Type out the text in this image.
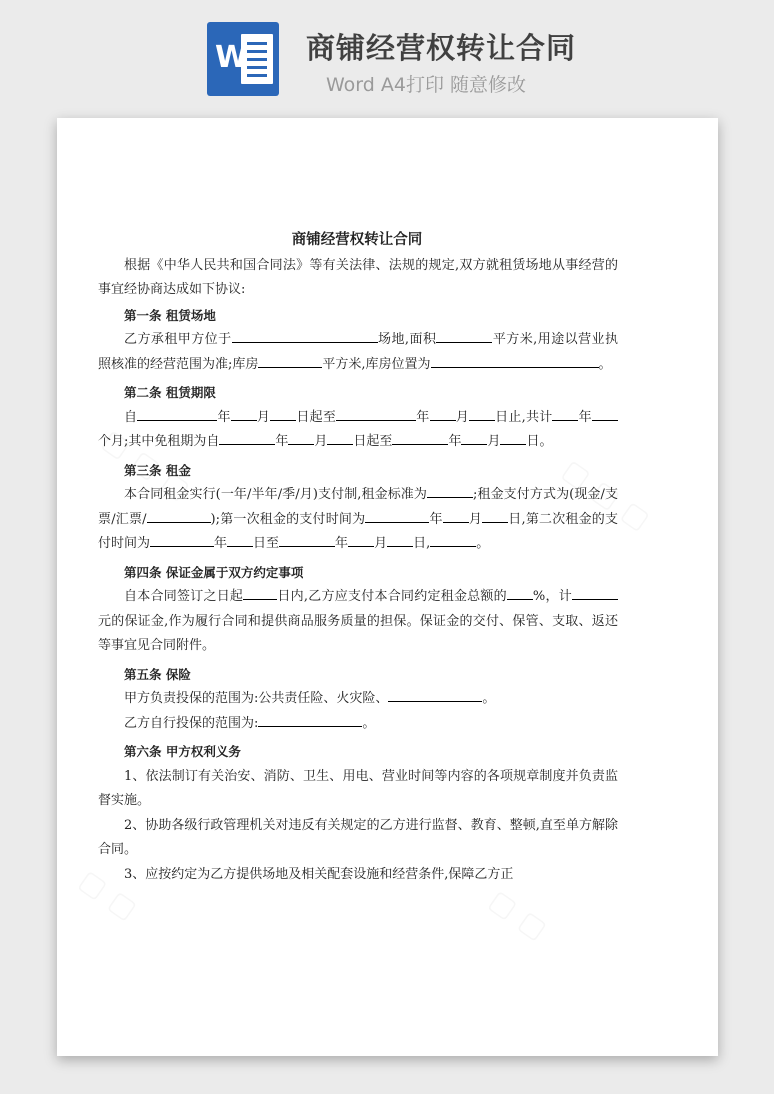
W 商铺经营权转让合同
Word A4打印 随意修改

商铺经营权转让合同

根据《中华人民共和国合同法》等有关法律、法规的规定,双方就租赁场地从事经营的事宜经协商达成如下协议:

第一条 租赁场地

乙方承租甲方位于	场地,面积	平方米,用途以营业执照核准的经营范围为准;库房	平方米,库房位置为	。

第二条 租赁期限

自	年 月 日起至	年 月 日止,共计 年个月;其中免租期为自	年 月 日起至	年 月 日。

第三条 租金

本合同租金实行(一年/半年/季/月)支付制,租金标准为	;租金支付方式为(现金/支票/汇票/	);第一次租金的支付时间为	年 月 日,第二次租金的支付时间为	年 日至	年 月 日,	。

第四条 保证金属于双方约定事项

自本合同签订之日起	日内,乙方应支付本合同约定租金总额的 %，计元的保证金,作为履行合同和提供商品服务质量的担保。保证金的交付、保管、支取、返还等事宜见合同附件。

第五条 保险

甲方负责投保的范围为:公共责任险、火灾险、	。

乙方自行投保的范围为:	。

第六条 甲方权利义务

1、依法制订有关治安、消防、卫生、用电、营业时间等内容的各项规章制度并负责监督实施。

2、协助各级行政管理机关对违反有关规定的乙方进行监督、教育、整顿,直至单方解除合同。

3、应按约定为乙方提供场地及相关配套设施和经营条件,保障乙方正
